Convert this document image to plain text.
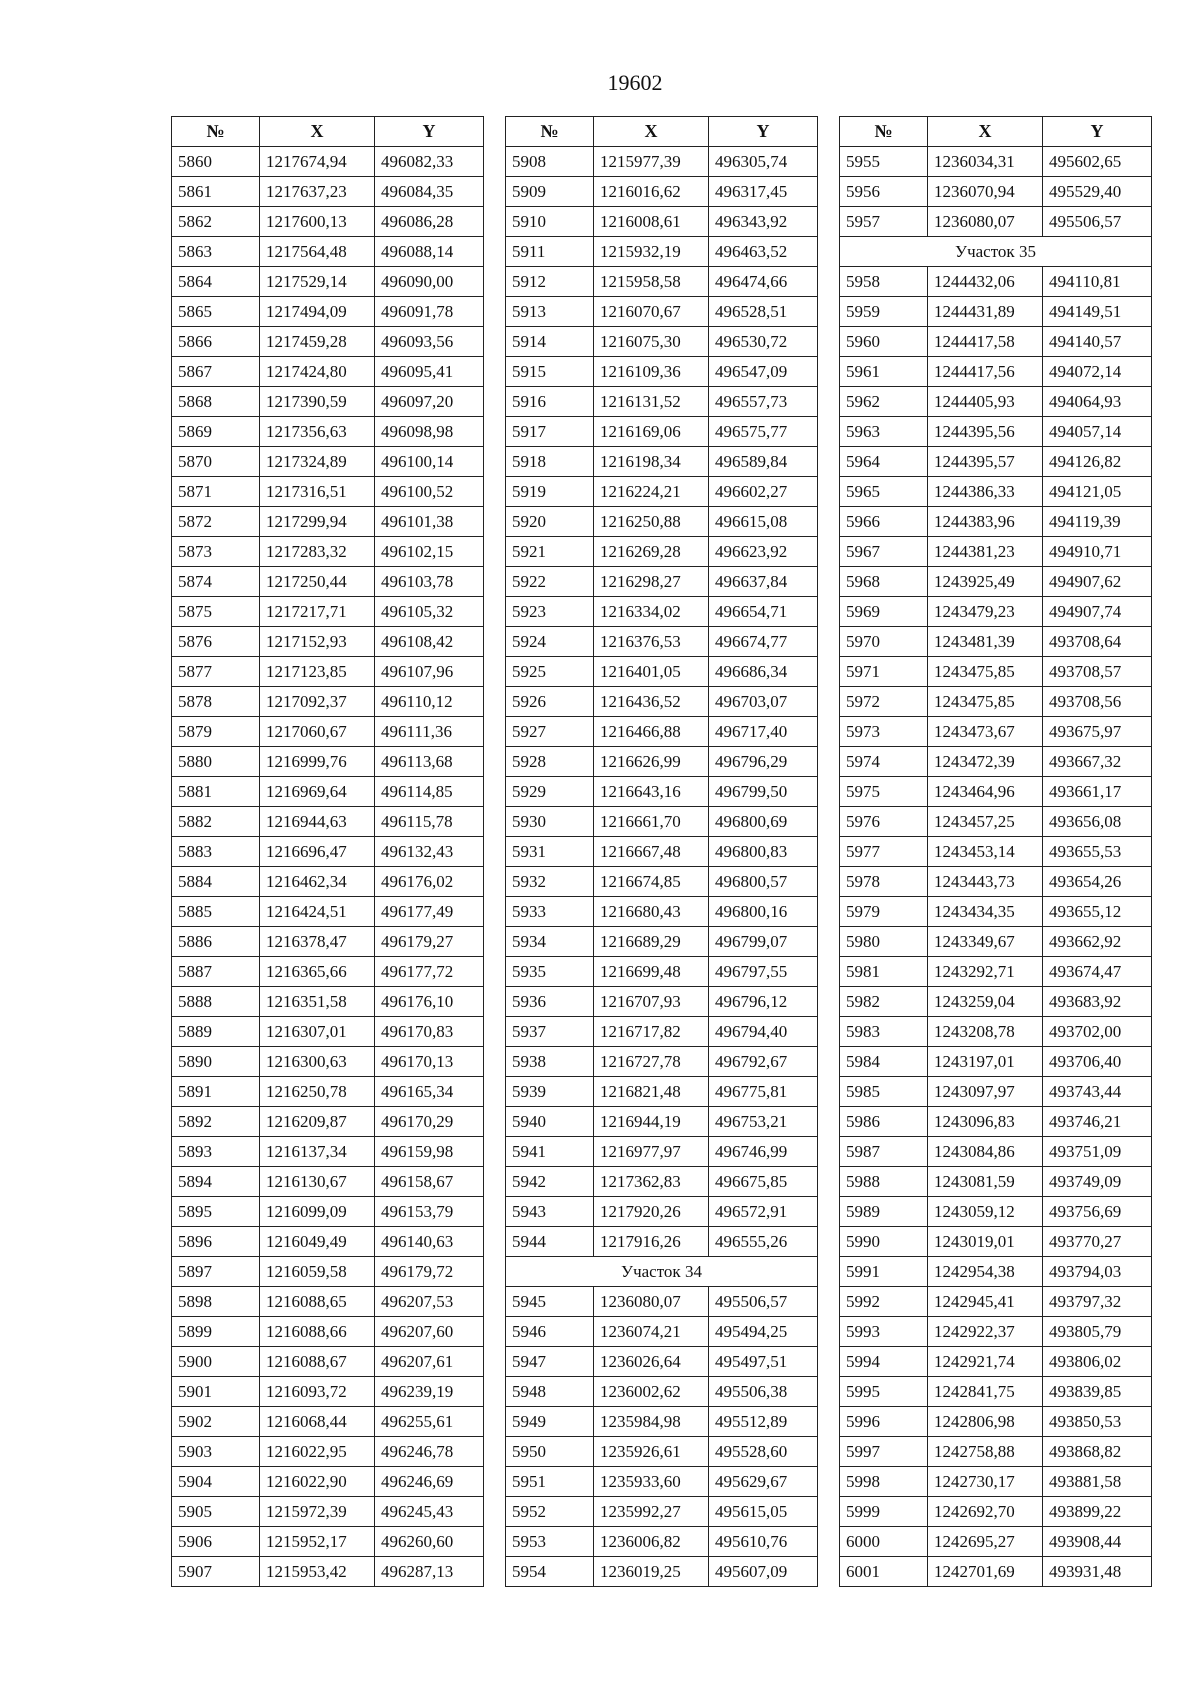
19602
№	X	Y
5860	1217674,94	496082,33
5861	1217637,23	496084,35
5862	1217600,13	496086,28
5863	1217564,48	496088,14
5864	1217529,14	496090,00
5865	1217494,09	496091,78
5866	1217459,28	496093,56
5867	1217424,80	496095,41
5868	1217390,59	496097,20
5869	1217356,63	496098,98
5870	1217324,89	496100,14
5871	1217316,51	496100,52
5872	1217299,94	496101,38
5873	1217283,32	496102,15
5874	1217250,44	496103,78
5875	1217217,71	496105,32
5876	1217152,93	496108,42
5877	1217123,85	496107,96
5878	1217092,37	496110,12
5879	1217060,67	496111,36
5880	1216999,76	496113,68
5881	1216969,64	496114,85
5882	1216944,63	496115,78
5883	1216696,47	496132,43
5884	1216462,34	496176,02
5885	1216424,51	496177,49
5886	1216378,47	496179,27
5887	1216365,66	496177,72
5888	1216351,58	496176,10
5889	1216307,01	496170,83
5890	1216300,63	496170,13
5891	1216250,78	496165,34
5892	1216209,87	496170,29
5893	1216137,34	496159,98
5894	1216130,67	496158,67
5895	1216099,09	496153,79
5896	1216049,49	496140,63
5897	1216059,58	496179,72
5898	1216088,65	496207,53
5899	1216088,66	496207,60
5900	1216088,67	496207,61
5901	1216093,72	496239,19
5902	1216068,44	496255,61
5903	1216022,95	496246,78
5904	1216022,90	496246,69
5905	1215972,39	496245,43
5906	1215952,17	496260,60
5907	1215953,42	496287,13
№	X	Y
5908	1215977,39	496305,74
5909	1216016,62	496317,45
5910	1216008,61	496343,92
5911	1215932,19	496463,52
5912	1215958,58	496474,66
5913	1216070,67	496528,51
5914	1216075,30	496530,72
5915	1216109,36	496547,09
5916	1216131,52	496557,73
5917	1216169,06	496575,77
5918	1216198,34	496589,84
5919	1216224,21	496602,27
5920	1216250,88	496615,08
5921	1216269,28	496623,92
5922	1216298,27	496637,84
5923	1216334,02	496654,71
5924	1216376,53	496674,77
5925	1216401,05	496686,34
5926	1216436,52	496703,07
5927	1216466,88	496717,40
5928	1216626,99	496796,29
5929	1216643,16	496799,50
5930	1216661,70	496800,69
5931	1216667,48	496800,83
5932	1216674,85	496800,57
5933	1216680,43	496800,16
5934	1216689,29	496799,07
5935	1216699,48	496797,55
5936	1216707,93	496796,12
5937	1216717,82	496794,40
5938	1216727,78	496792,67
5939	1216821,48	496775,81
5940	1216944,19	496753,21
5941	1216977,97	496746,99
5942	1217362,83	496675,85
5943	1217920,26	496572,91
5944	1217916,26	496555,26
Участок 34		
5945	1236080,07	495506,57
5946	1236074,21	495494,25
5947	1236026,64	495497,51
5948	1236002,62	495506,38
5949	1235984,98	495512,89
5950	1235926,61	495528,60
5951	1235933,60	495629,67
5952	1235992,27	495615,05
5953	1236006,82	495610,76
5954	1236019,25	495607,09
№	X	Y
5955	1236034,31	495602,65
5956	1236070,94	495529,40
5957	1236080,07	495506,57
Участок 35		
5958	1244432,06	494110,81
5959	1244431,89	494149,51
5960	1244417,58	494140,57
5961	1244417,56	494072,14
5962	1244405,93	494064,93
5963	1244395,56	494057,14
5964	1244395,57	494126,82
5965	1244386,33	494121,05
5966	1244383,96	494119,39
5967	1244381,23	494910,71
5968	1243925,49	494907,62
5969	1243479,23	494907,74
5970	1243481,39	493708,64
5971	1243475,85	493708,57
5972	1243475,85	493708,56
5973	1243473,67	493675,97
5974	1243472,39	493667,32
5975	1243464,96	493661,17
5976	1243457,25	493656,08
5977	1243453,14	493655,53
5978	1243443,73	493654,26
5979	1243434,35	493655,12
5980	1243349,67	493662,92
5981	1243292,71	493674,47
5982	1243259,04	493683,92
5983	1243208,78	493702,00
5984	1243197,01	493706,40
5985	1243097,97	493743,44
5986	1243096,83	493746,21
5987	1243084,86	493751,09
5988	1243081,59	493749,09
5989	1243059,12	493756,69
5990	1243019,01	493770,27
5991	1242954,38	493794,03
5992	1242945,41	493797,32
5993	1242922,37	493805,79
5994	1242921,74	493806,02
5995	1242841,75	493839,85
5996	1242806,98	493850,53
5997	1242758,88	493868,82
5998	1242730,17	493881,58
5999	1242692,70	493899,22
6000	1242695,27	493908,44
6001	1242701,69	493931,48
